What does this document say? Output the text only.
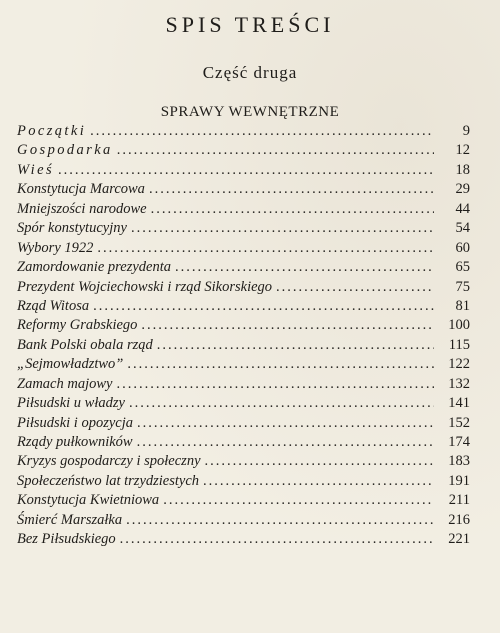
SPIS TREŚCI
Część druga
SPRAWY WEWNĘTRZNE
Początki .....	9
Gospodarka .....	12
Wieś .....	18
Konstytucja Marcowa .....	29
Mniejszości narodowe .....	44
Spór konstytucyjny .....	54
Wybory 1922 .....	60
Zamordowanie prezydenta .....	65
Prezydent Wojciechowski i rząd Sikorskiego .....	75
Rząd Witosa .....	81
Reformy Grabskiego .....	100
Bank Polski obala rząd .....	115
„Sejmowładztwo” .....	122
Zamach majowy .....	132
Piłsudski u władzy .....	141
Piłsudski i opozycja .....	152
Rządy pułkowników .....	174
Kryzys gospodarczy i społeczny .....	183
Społeczeństwo lat trzydziestych .....	191
Konstytucja Kwietniowa .....	211
Śmierć Marszałka .....	216
Bez Piłsudskiego .....	221
